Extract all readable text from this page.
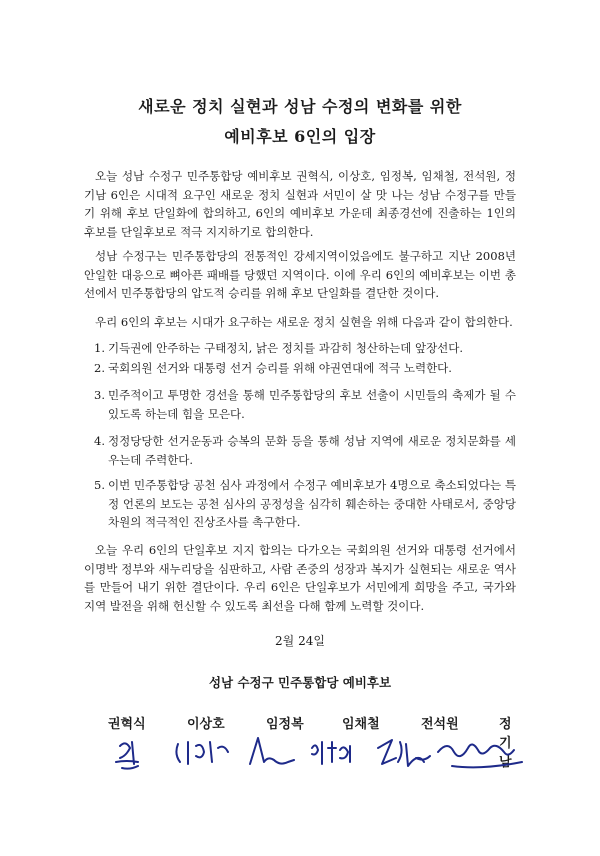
새로운 정치 실현과 성남 수정의 변화를 위한
예비후보 6인의 입장

오늘 성남 수정구 민주통합당 예비후보 권혁식, 이상호, 임정복, 임채철, 전석원, 정기남 6인은 시대적 요구인 새로운 정치 실현과 서민이 살 맛 나는 성남 수정구를 만들기 위해 후보 단일화에 합의하고, 6인의 예비후보 가운데 최종경선에 진출하는 1인의 후보를 단일후보로 적극 지지하기로 합의한다.

성남 수정구는 민주통합당의 전통적인 강세지역이었음에도 불구하고 지난 2008년 안일한 대응으로 뼈아픈 패배를 당했던 지역이다. 이에 우리 6인의 예비후보는 이번 총선에서 민주통합당의 압도적 승리를 위해 후보 단일화를 결단한 것이다.

우리 6인의 후보는 시대가 요구하는 새로운 정치 실현을 위해 다음과 같이 합의한다.

1. 기득권에 안주하는 구태정치, 낡은 정치를 과감히 청산하는데 앞장선다.
2. 국회의원 선거와 대통령 선거 승리를 위해 야권연대에 적극 노력한다.
3. 민주적이고 투명한 경선을 통해 민주통합당의 후보 선출이 시민들의 축제가 될 수 있도록 하는데 힘을 모은다.
4. 정정당당한 선거운동과 승복의 문화 등을 통해 성남 지역에 새로운 정치문화를 세우는데 주력한다.
5. 이번 민주통합당 공천 심사 과정에서 수정구 예비후보가 4명으로 축소되었다는 특정 언론의 보도는 공천 심사의 공정성을 심각히 훼손하는 중대한 사태로서, 중앙당 차원의 적극적인 진상조사를 촉구한다.

오늘 우리 6인의 단일후보 지지 합의는 다가오는 국회의원 선거와 대통령 선거에서 이명박 정부와 새누리당을 심판하고, 사람 존중의 성장과 복지가 실현되는 새로운 역사를 만들어 내기 위한 결단이다. 우리 6인은 단일후보가 서민에게 희망을 주고, 국가와 지역 발전을 위해 헌신할 수 있도록 최선을 다해 함께 노력할 것이다.

2월 24일
성남 수정구 민주통합당 예비후보
권혁식	이상호	임정복	임채철	전석원	정기남
